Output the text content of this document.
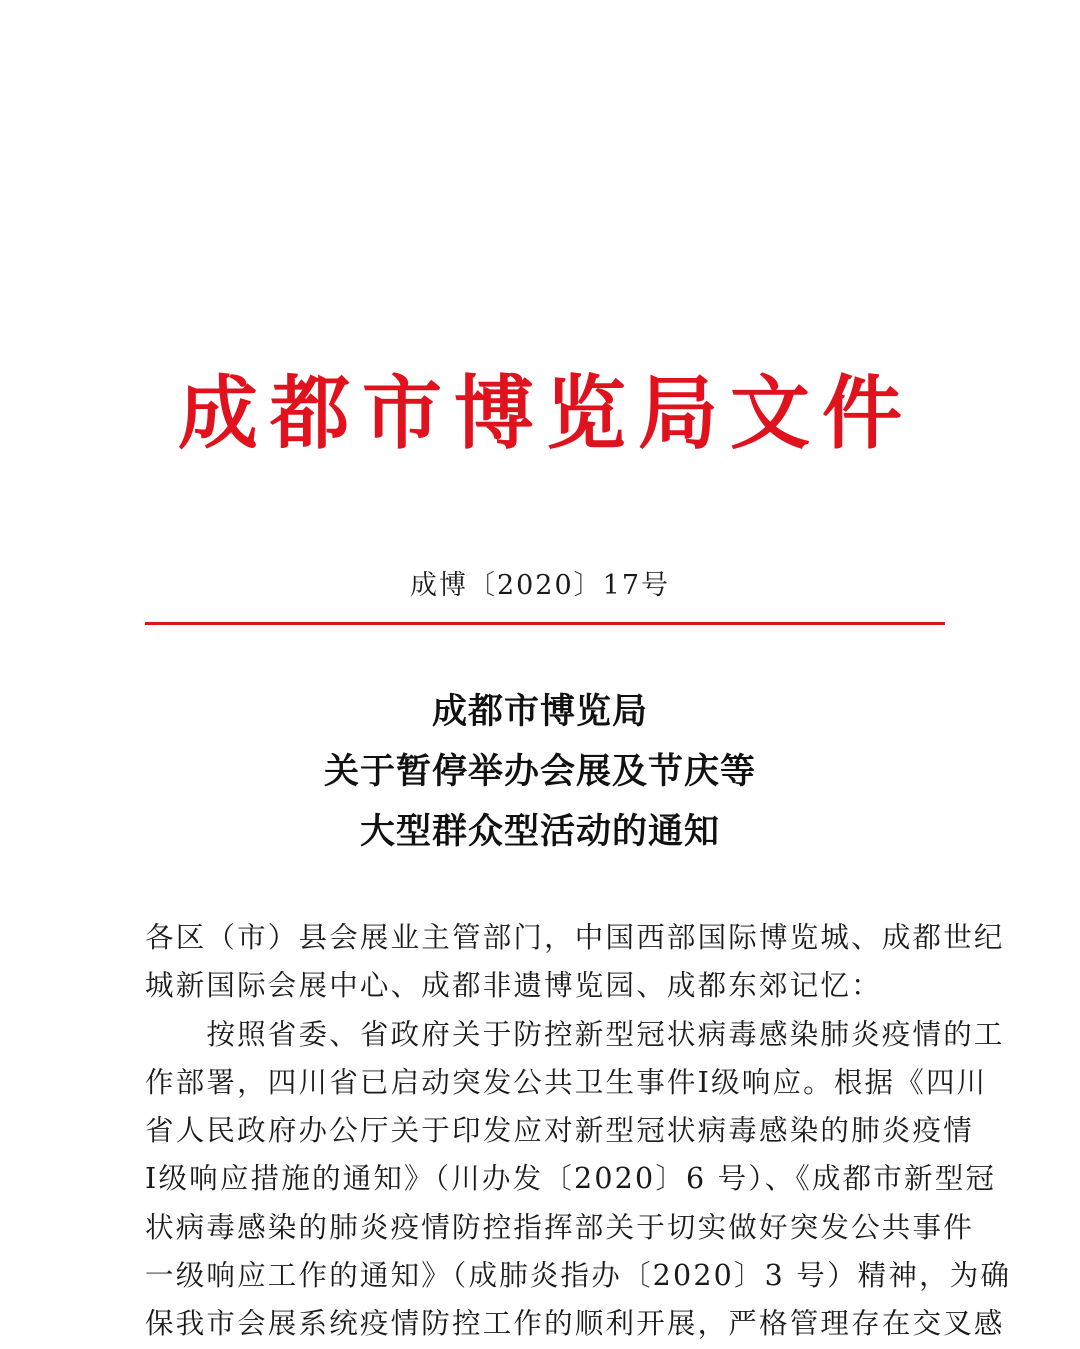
成都市博览局文件
成博〔2020〕17号
成都市博览局
关于暂停举办会展及节庆等
大型群众型活动的通知
各区（市）县会展业主管部门，中国西部国际博览城、成都世纪
城新国际会展中心、成都非遗博览园、成都东郊记忆：
　　按照省委、省政府关于防控新型冠状病毒感染肺炎疫情的工
作部署，四川省已启动突发公共卫生事件Ⅰ级响应。根据《四川
省人民政府办公厅关于印发应对新型冠状病毒感染的肺炎疫情
Ⅰ级响应措施的通知》（川办发〔2020〕6 号）、《成都市新型冠
状病毒感染的肺炎疫情防控指挥部关于切实做好突发公共事件
一级响应工作的通知》（成肺炎指办〔2020〕3 号）精神，为确
保我市会展系统疫情防控工作的顺利开展，严格管理存在交叉感
